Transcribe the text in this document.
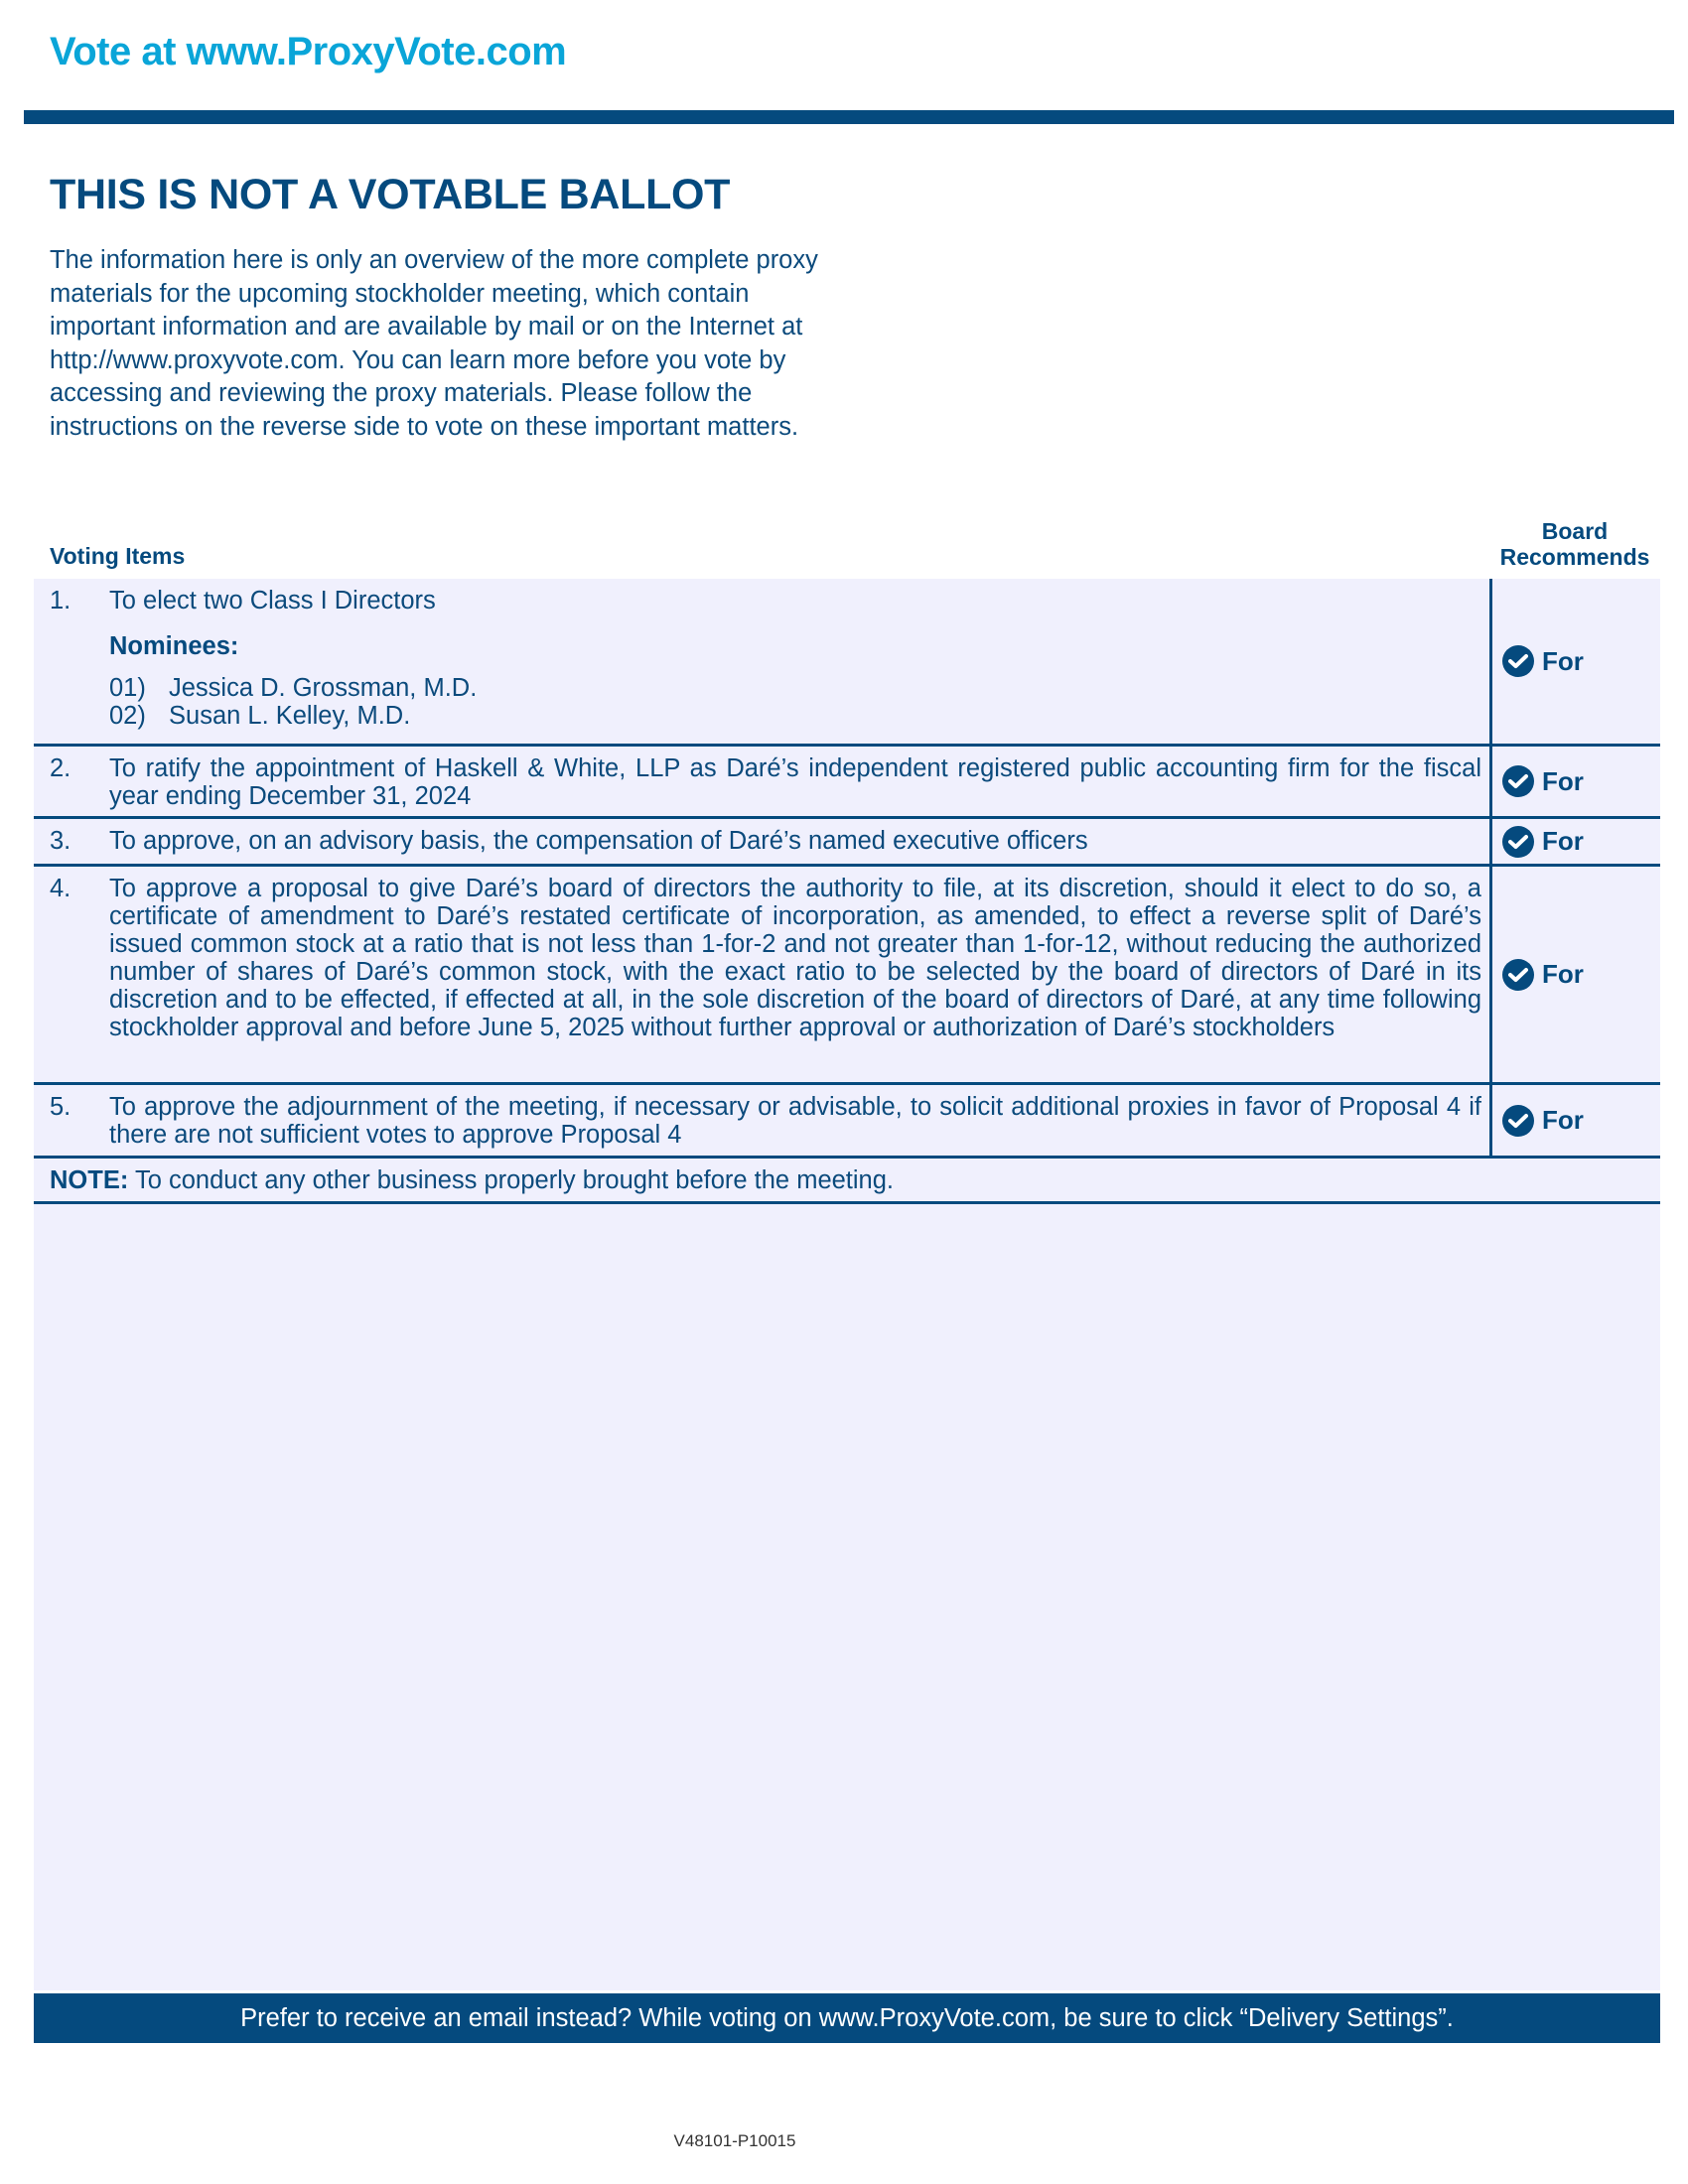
Vote at www.ProxyVote.com
THIS IS NOT A VOTABLE BALLOT
The information here is only an overview of the more complete proxy materials for the upcoming stockholder meeting, which contain important information and are available by mail or on the Internet at http://www.proxyvote.com. You can learn more before you vote by accessing and reviewing the proxy materials. Please follow the instructions on the reverse side to vote on these important matters.
Voting Items
Board Recommends
1. To elect two Class I Directors
Nominees:
01) Jessica D. Grossman, M.D.
02) Susan L. Kelley, M.D.
For
2. To ratify the appointment of Haskell & White, LLP as Daré’s independent registered public accounting firm for the fiscal year ending December 31, 2024
For
3. To approve, on an advisory basis, the compensation of Daré’s named executive officers	For
4. To approve a proposal to give Daré’s board of directors the authority to file, at its discretion, should it elect to do so, a certificate of amendment to Daré’s restated certificate of incorporation, as amended, to effect a reverse split of Daré’s issued common stock at a ratio that is not less than 1-for-2 and not greater than 1-for-12, without reducing the authorized number of shares of Daré’s common stock, with the exact ratio to be selected by the board of directors of Daré in its discretion and to be effected, if effected at all, in the sole discretion of the board of directors of Daré, at any time following stockholder approval and before June 5, 2025 without further approval or authorization of Daré’s stockholders
For
5. To approve the adjournment of the meeting, if necessary or advisable, to solicit additional proxies in favor of Proposal 4 if there are not sufficient votes to approve Proposal 4	For
NOTE: To conduct any other business properly brought before the meeting.
Prefer to receive an email instead? While voting on www.ProxyVote.com, be sure to click “Delivery Settings”.
V48101-P10015
